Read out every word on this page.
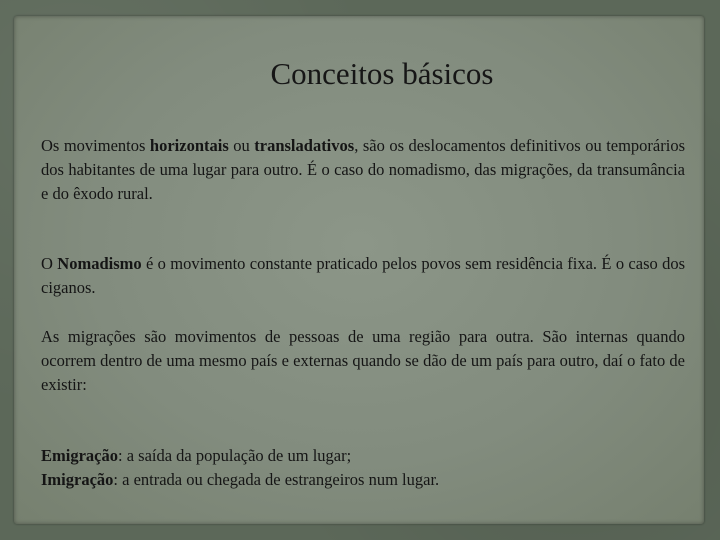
Conceitos básicos

Os movimentos horizontais ou transladativos, são os deslocamentos definitivos ou temporários dos habitantes de uma lugar para outro. É o caso do nomadismo, das migrações, da transumância e do êxodo rural.

O Nomadismo é o movimento constante praticado pelos povos sem residência fixa. É o caso dos ciganos.

As migrações são movimentos de pessoas de uma região para outra. São internas quando ocorrem dentro de uma mesmo país e externas quando se dão de um país para outro, daí o fato de existir:

Emigração: a saída da população de um lugar;
Imigração: a entrada ou chegada de estrangeiros num lugar.
